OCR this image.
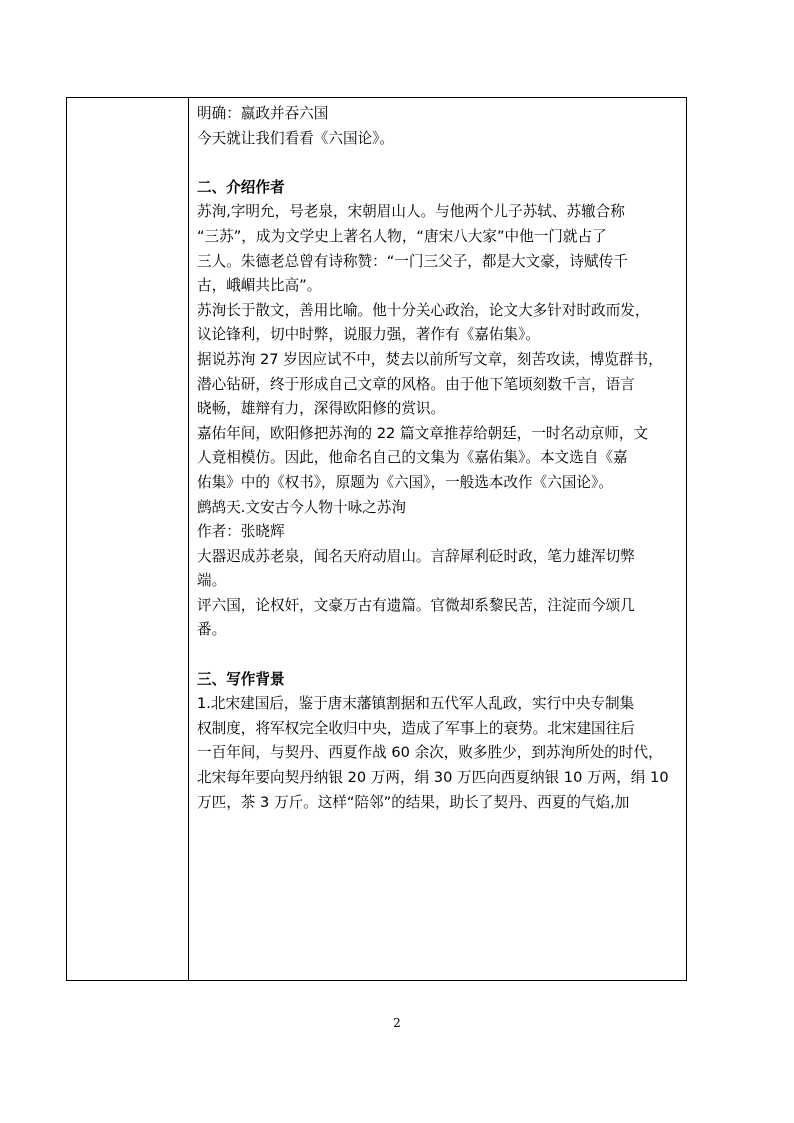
明确：嬴政并吞六国
今天就让我们看看《六国论》。
二、介绍作者
苏洵,字明允，号老泉，宋朝眉山人。与他两个儿子苏轼、苏辙合称
“三苏”，成为文学史上著名人物，“唐宋八大家”中他一门就占了
三人。朱德老总曾有诗称赞：“一门三父子，都是大文豪，诗赋传千
古，峨嵋共比高”。
苏洵长于散文，善用比喻。他十分关心政治，论文大多针对时政而发，
议论锋利，切中时弊，说服力强，著作有《嘉佑集》。
据说苏洵 27 岁因应试不中，焚去以前所写文章，刻苦攻读，博览群书，
潜心钻研，终于形成自己文章的风格。由于他下笔顷刻数千言，语言
晓畅，雄辩有力，深得欧阳修的赏识。
嘉佑年间，欧阳修把苏洵的 22 篇文章推荐给朝廷，一时名动京师，文
人竟相模仿。因此，他命名自己的文集为《嘉佑集》。本文选自《嘉
佑集》中的《权书》，原题为《六国》，一般选本改作《六国论》。
鹧鸪天.文安古今人物十咏之苏洵
作者：张晓辉
大器迟成苏老泉，闻名天府动眉山。言辞犀利砭时政，笔力雄浑切弊
端。
评六国，论权奸，文豪万古有遗篇。官微却系黎民苦，注淀而今颂几
番。
三、写作背景
1.北宋建国后，鉴于唐末藩镇割据和五代军人乱政，实行中央专制集
权制度，将军权完全收归中央，造成了军事上的衰势。北宋建国往后
一百年间，与契丹、西夏作战 60 余次，败多胜少，到苏洵所处的时代，
北宋每年要向契丹纳银 20 万两，绢 30 万匹向西夏纳银 10 万两，绢 10
万匹，茶 3 万斤。这样“陪邻”的结果，助长了契丹、西夏的气焰,加
2
